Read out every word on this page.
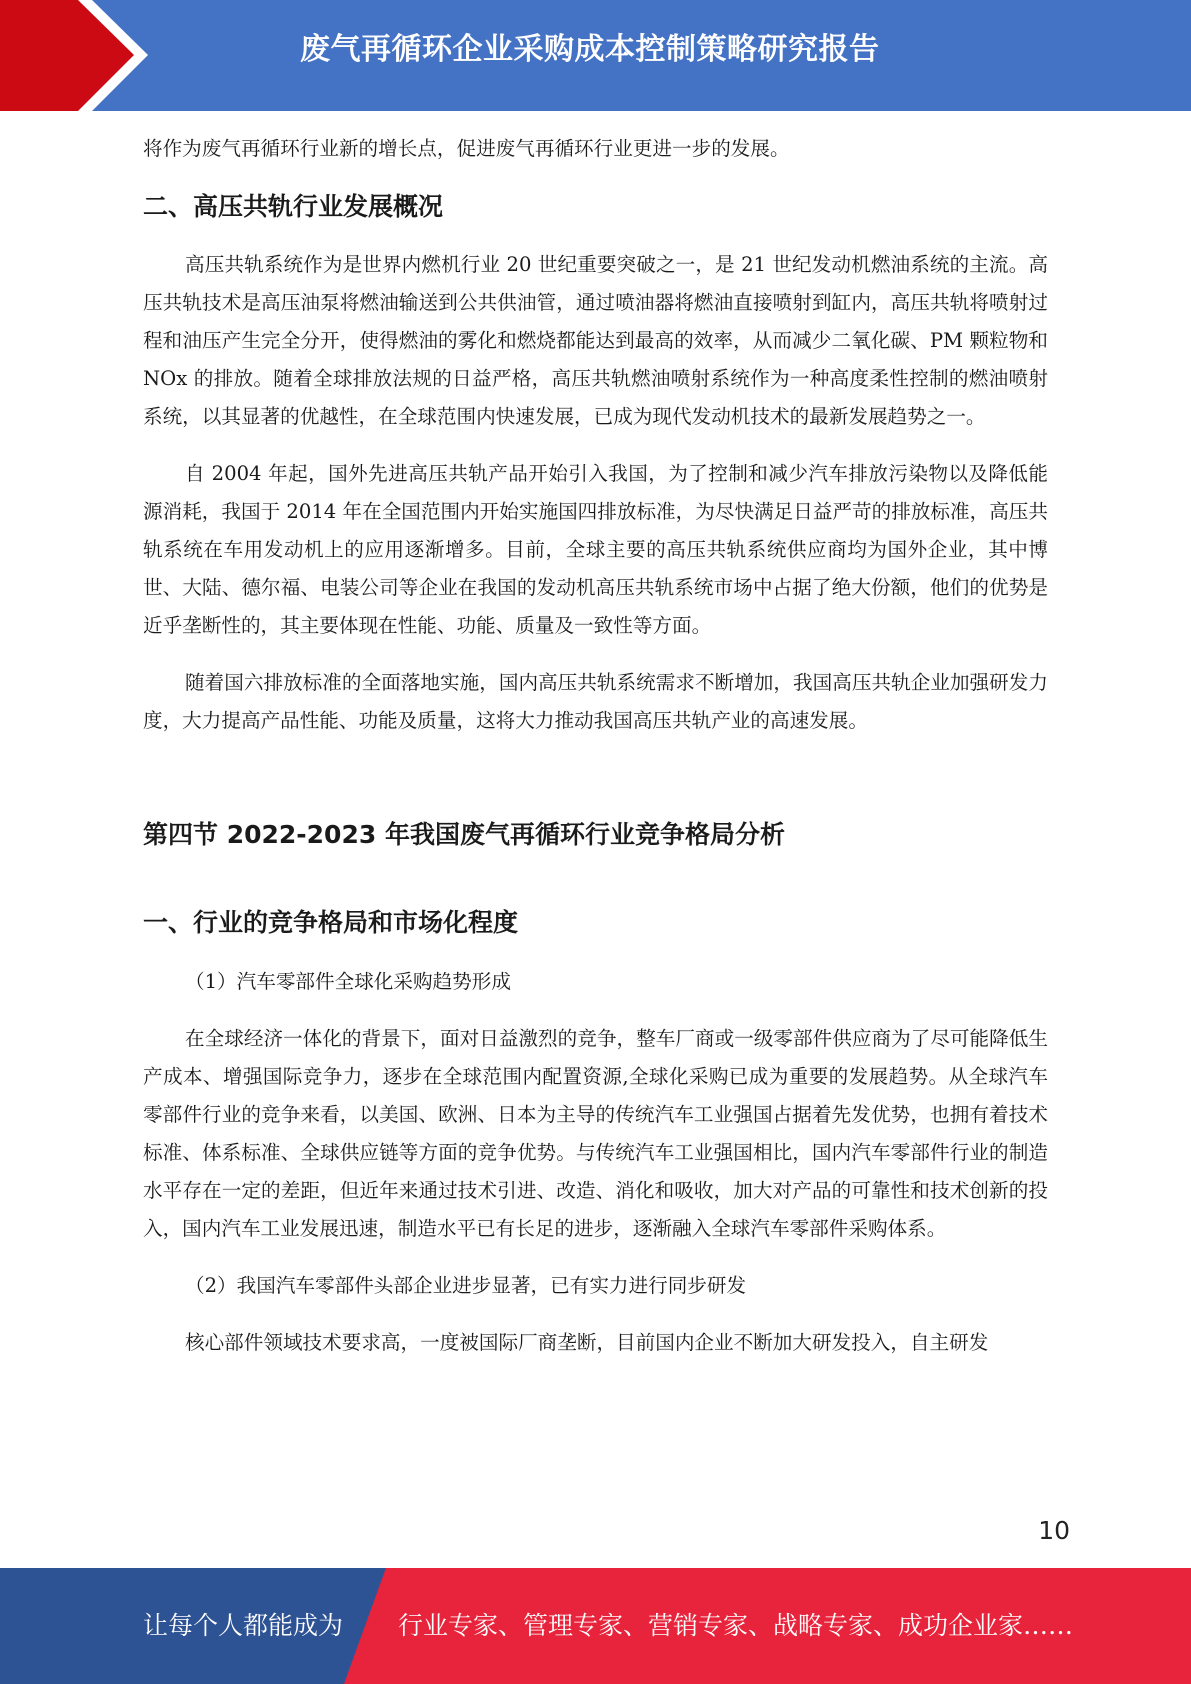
废气再循环企业采购成本控制策略研究报告

将作为废气再循环行业新的增长点，促进废气再循环行业更进一步的发展。

二、高压共轨行业发展概况

高压共轨系统作为是世界内燃机行业 20 世纪重要突破之一，是 21 世纪发动机燃油系统的主流。高压共轨技术是高压油泵将燃油输送到公共供油管，通过喷油器将燃油直接喷射到缸内，高压共轨将喷射过程和油压产生完全分开，使得燃油的雾化和燃烧都能达到最高的效率，从而减少二氧化碳、PM 颗粒物和 NOx 的排放。随着全球排放法规的日益严格，高压共轨燃油喷射系统作为一种高度柔性控制的燃油喷射系统，以其显著的优越性，在全球范围内快速发展，已成为现代发动机技术的最新发展趋势之一。

自 2004 年起，国外先进高压共轨产品开始引入我国，为了控制和减少汽车排放污染物以及降低能源消耗，我国于 2014 年在全国范围内开始实施国四排放标准，为尽快满足日益严苛的排放标准，高压共轨系统在车用发动机上的应用逐渐增多。目前，全球主要的高压共轨系统供应商均为国外企业，其中博世、大陆、德尔福、电装公司等企业在我国的发动机高压共轨系统市场中占据了绝大份额，他们的优势是近乎垄断性的，其主要体现在性能、功能、质量及一致性等方面。

随着国六排放标准的全面落地实施，国内高压共轨系统需求不断增加，我国高压共轨企业加强研发力度，大力提高产品性能、功能及质量，这将大力推动我国高压共轨产业的高速发展。

第四节 2022-2023 年我国废气再循环行业竞争格局分析
一、行业的竞争格局和市场化程度

（1）汽车零部件全球化采购趋势形成

在全球经济一体化的背景下，面对日益激烈的竞争，整车厂商或一级零部件供应商为了尽可能降低生产成本、增强国际竞争力，逐步在全球范围内配置资源,全球化采购已成为重要的发展趋势。从全球汽车零部件行业的竞争来看，以美国、欧洲、日本为主导的传统汽车工业强国占据着先发优势，也拥有着技术标准、体系标准、全球供应链等方面的竞争优势。与传统汽车工业强国相比，国内汽车零部件行业的制造水平存在一定的差距，但近年来通过技术引进、改造、消化和吸收，加大对产品的可靠性和技术创新的投入，国内汽车工业发展迅速，制造水平已有长足的进步，逐渐融入全球汽车零部件采购体系。

（2）我国汽车零部件头部企业进步显著，已有实力进行同步研发

核心部件领域技术要求高，一度被国际厂商垄断，目前国内企业不断加大研发投入，自主研发

10
让每个人都能成为 行业专家、管理专家、营销专家、战略专家、成功企业家……
